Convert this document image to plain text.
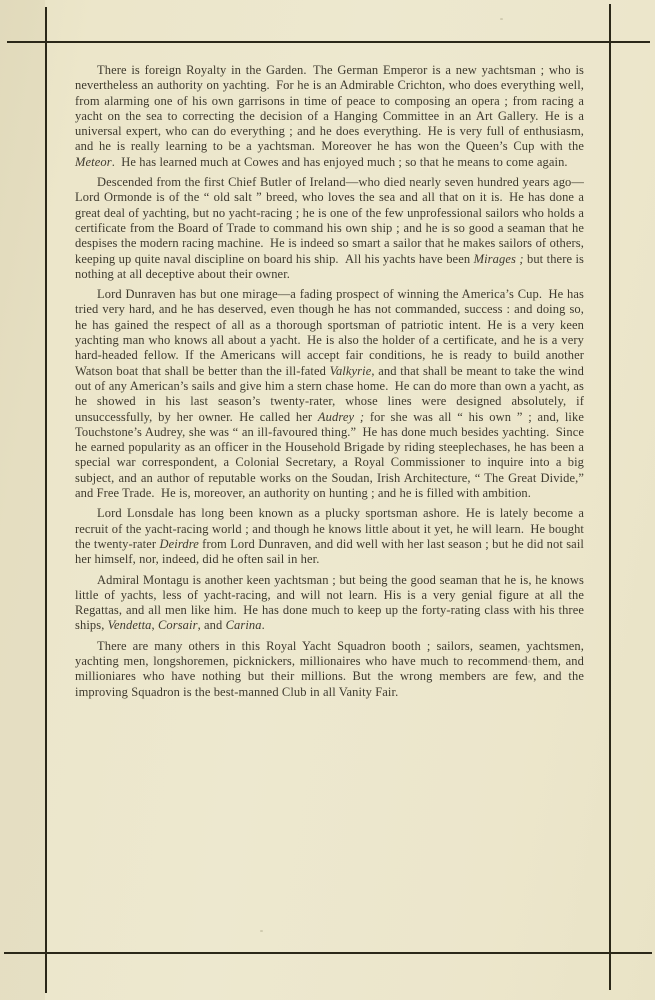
There is foreign Royalty in the Garden. The German Emperor is a new yachtsman ; who is nevertheless an authority on yachting. For he is an Admirable Crichton, who does everything well, from alarming one of his own garrisons in time of peace to composing an opera ; from racing a yacht on the sea to correcting the decision of a Hanging Committee in an Art Gallery. He is a universal expert, who can do everything ; and he does everything. He is very full of enthusiasm, and he is really learning to be a yachtsman. Moreover he has won the Queen’s Cup with the Meteor. He has learned much at Cowes and has enjoyed much ; so that he means to come again.

Descended from the first Chief Butler of Ireland—who died nearly seven hundred years ago—Lord Ormonde is of the “ old salt ” breed, who loves the sea and all that on it is. He has done a great deal of yachting, but no yacht-racing ; he is one of the few unprofessional sailors who holds a certificate from the Board of Trade to command his own ship ; and he is so good a seaman that he despises the modern racing machine. He is indeed so smart a sailor that he makes sailors of others, keeping up quite naval discipline on board his ship. All his yachts have been Mirages ; but there is nothing at all deceptive about their owner.

Lord Dunraven has but one mirage—a fading prospect of winning the America’s Cup. He has tried very hard, and he has deserved, even though he has not commanded, success : and doing so, he has gained the respect of all as a thorough sportsman of patriotic intent. He is a very keen yachting man who knows all about a yacht. He is also the holder of a certificate, and he is a very hard-headed fellow. If the Americans will accept fair conditions, he is ready to build another Watson boat that shall be better than the ill-fated Valkyrie, and that shall be meant to take the wind out of any American’s sails and give him a stern chase home. He can do more than own a yacht, as he showed in his last season’s twenty-rater, whose lines were designed absolutely, if unsuccessfully, by her owner. He called her Audrey ; for she was all “ his own ” ; and, like Touchstone’s Audrey, she was “ an ill-favoured thing.” He has done much besides yachting. Since he earned popularity as an officer in the Household Brigade by riding steeplechases, he has been a special war correspondent, a Colonial Secretary, a Royal Commissioner to inquire into a big subject, and an author of reputable works on the Soudan, Irish Architecture, “ The Great Divide,” and Free Trade. He is, moreover, an authority on hunting ; and he is filled with ambition.

Lord Lonsdale has long been known as a plucky sportsman ashore. He is lately become a recruit of the yacht-racing world ; and though he knows little about it yet, he will learn. He bought the twenty-rater Deirdre from Lord Dunraven, and did well with her last season ; but he did not sail her himself, nor, indeed, did he often sail in her.

Admiral Montagu is another keen yachtsman ; but being the good seaman that he is, he knows little of yachts, less of yacht-racing, and will not learn. His is a very genial figure at all the Regattas, and all men like him. He has done much to keep up the forty-rating class with his three ships, Vendetta, Corsair, and Carina.

There are many others in this Royal Yacht Squadron booth ; sailors, seamen, yachtsmen, yachting men, longshoremen, picknickers, millionaires who have much to recommend them, and millioniares who have nothing but their millions. But the wrong members are few, and the improving Squadron is the best-manned Club in all Vanity Fair.
